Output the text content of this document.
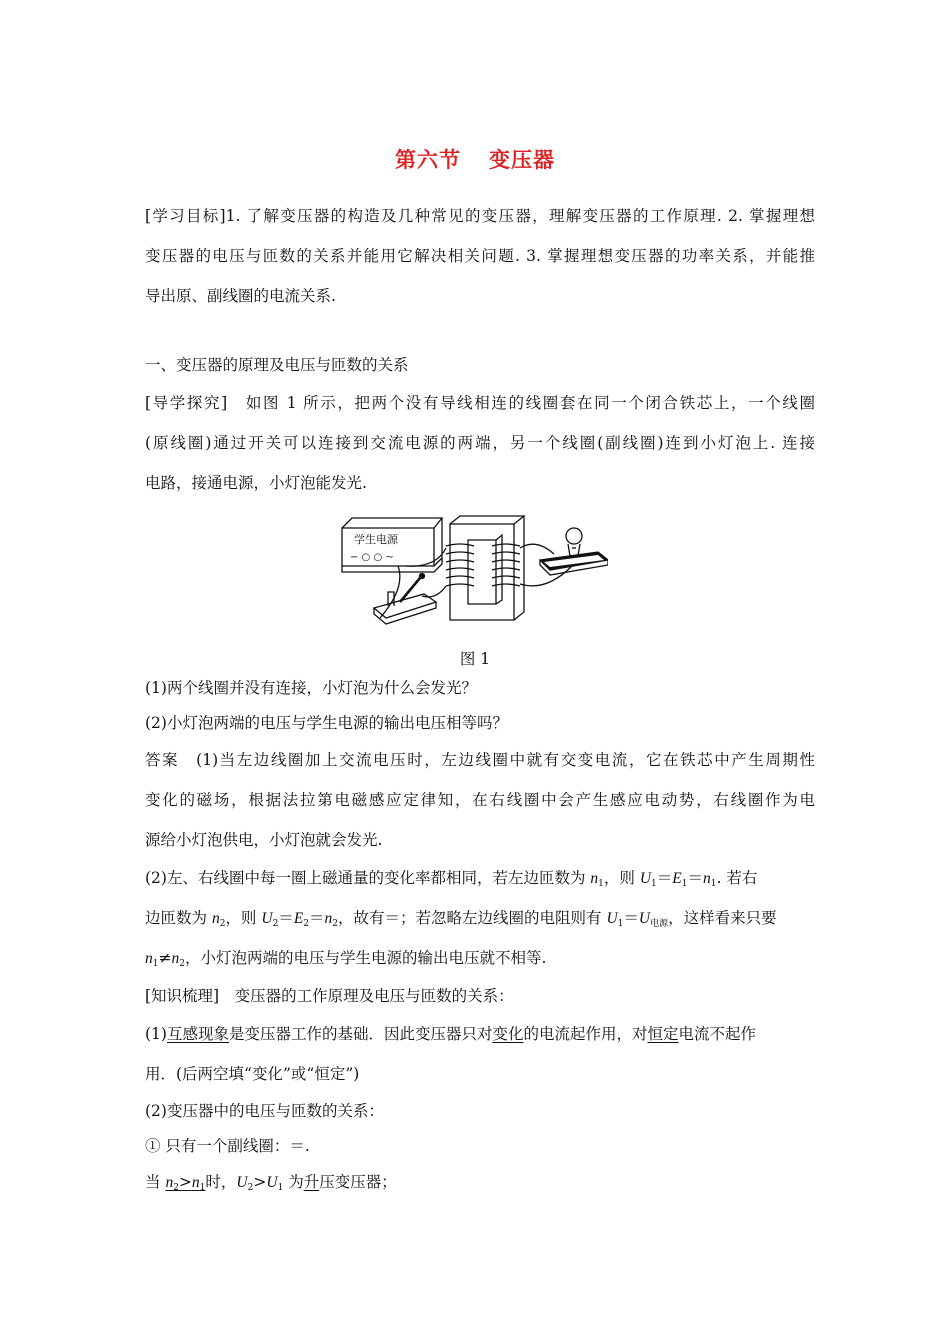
第六节 变压器
[学习目标]1. 了解变压器的构造及几种常见的变压器，理解变压器的工作原理. 2. 掌握理想
变压器的电压与匝数的关系并能用它解决相关问题. 3. 掌握理想变压器的功率关系，并能推
导出原、副线圈的电流关系.
一、变压器的原理及电压与匝数的关系
[导学探究]　如图 1 所示，把两个没有导线相连的线圈套在同一个闭合铁芯上，一个线圈
(原线圈)通过开关可以连接到交流电源的两端，另一个线圈(副线圈)连到小灯泡上. 连接
电路，接通电源，小灯泡能发光.
学生电源
− ○ ○ ~
图 1
(1)两个线圈并没有连接，小灯泡为什么会发光？
(2)小灯泡两端的电压与学生电源的输出电压相等吗？
答案　(1)当左边线圈加上交流电压时，左边线圈中就有交变电流，它在铁芯中产生周期性
变化的磁场，根据法拉第电磁感应定律知，在右线圈中会产生感应电动势，右线圈作为电
源给小灯泡供电，小灯泡就会发光.
(2)左、右线圈中每一圈上磁通量的变化率都相同，若左边匝数为 $n_1$，则 $U_1=E_1=n_1$. 若右
边匝数为 $n_2$，则 $U_2=E_2=n_2$，故有＝；若忽略左边线圈的电阻则有 $U_1=U_{电源}$，这样看来只要
$n_1\ne n_2$，小灯泡两端的电压与学生电源的输出电压就不相等.
[知识梳理]　变压器的工作原理及电压与匝数的关系：
(1)互感现象是变压器工作的基础．因此变压器只对变化的电流起作用，对恒定电流不起作
用．(后两空填“变化”或“恒定”)
(2)变压器中的电压与匝数的关系：
① 只有一个副线圈：＝.
当 $n_2>n_1$时，$U_2>U_1$ 为升压变压器；
